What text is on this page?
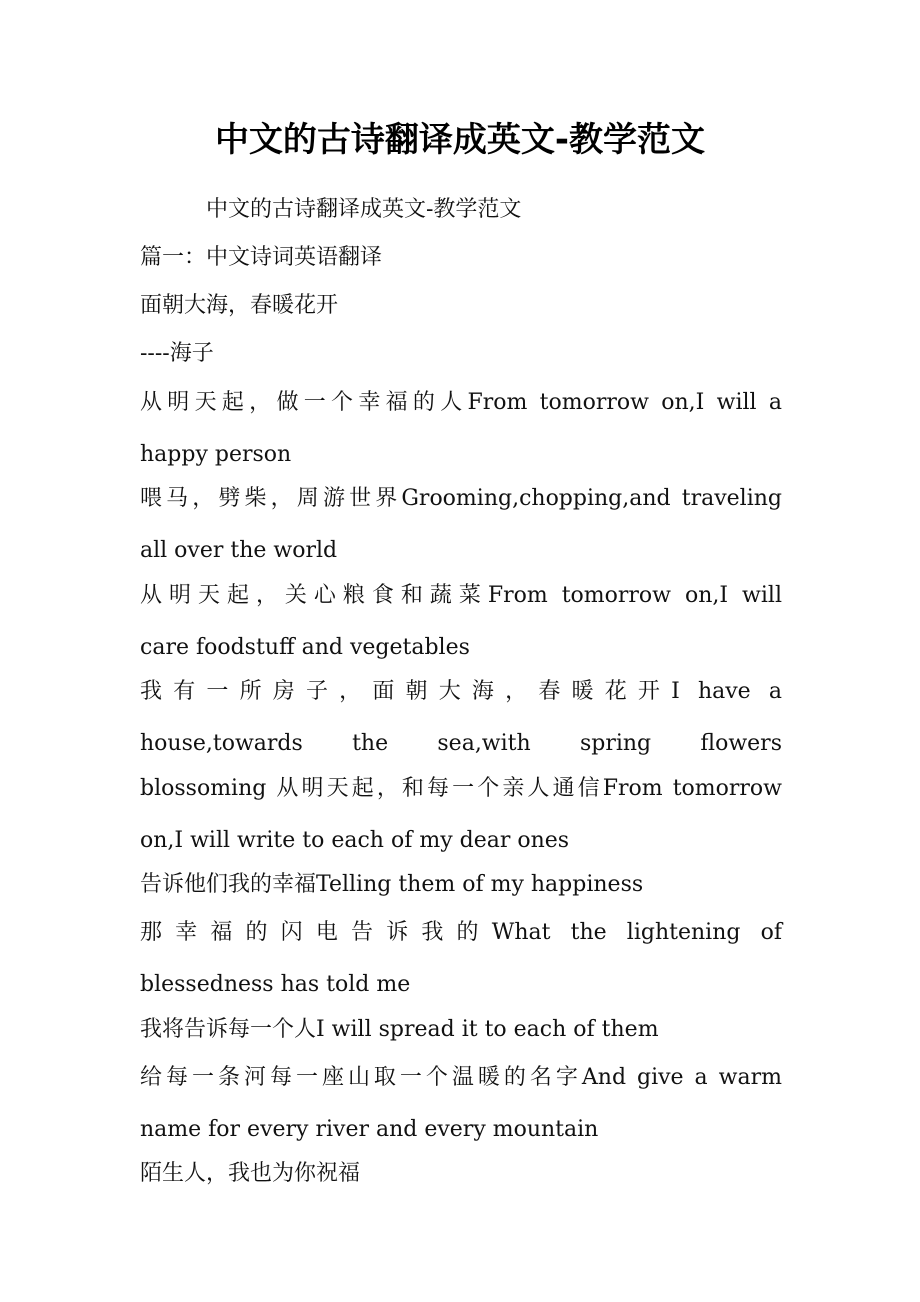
中文的古诗翻译成英文-教学范文
中文的古诗翻译成英文-教学范文
篇一：中文诗词英语翻译
面朝大海，春暖花开
----海子
从明天起，做一个幸福的人From tomorrow on,I will a
happy person
喂马，劈柴，周游世界Grooming,chopping,and traveling
all over the world
从明天起，关心粮食和蔬菜From tomorrow on,I will
care foodstuff and vegetables
我有一所房子，面朝大海，春暖花开I have a
house,towards the sea,with spring flowers
blossoming 从明天起，和每一个亲人通信From tomorrow
on,I will write to each of my dear ones
告诉他们我的幸福Telling them of my happiness
那幸福的闪电告诉我的What the lightening of
blessedness has told me
我将告诉每一个人I will spread it to each of them
给每一条河每一座山取一个温暖的名字And give a warm
name for every river and every mountain
陌生人，我也为你祝福
